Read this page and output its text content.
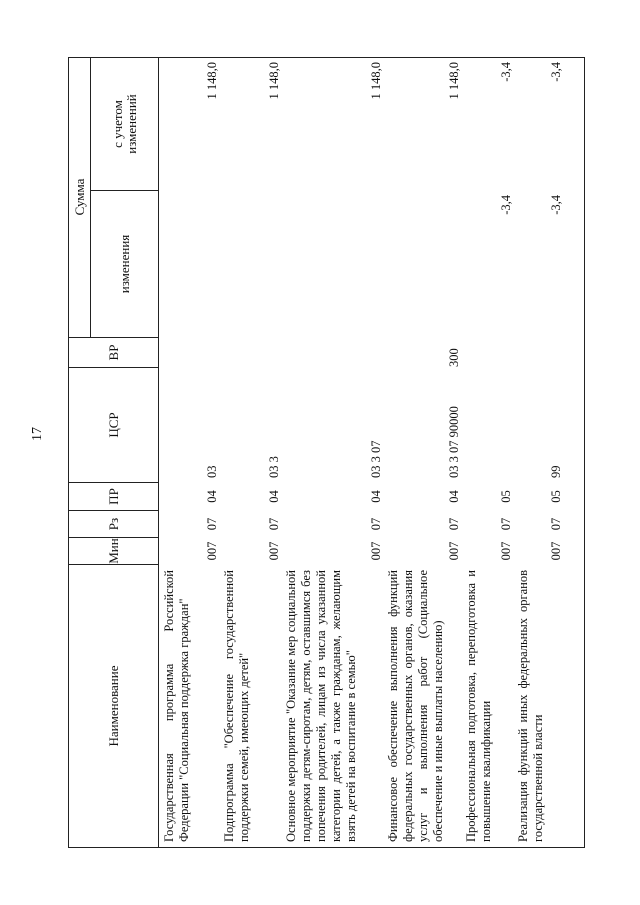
17
Наименование
Мин
Рз
ПР
ЦСР
ВР
Сумма
изменения
с учетом изменений
Государственная программа Российской Федерации "Социальная поддержка граждан"
007
07
04
03
1 148,0
Подпрограмма "Обеспечение государственной поддержки семей, имеющих детей"
007
07
04
03 3
1 148,0
Основное мероприятие "Оказание мер социальной поддержки детям-сиротам, детям, оставшимся без попечения родителей, лицам из числа указанной категории детей, а также гражданам, желающим взять детей на воспитание в семью"
007
07
04
03 3 07
1 148,0
Финансовое обеспечение выполнения функций федеральных государственных органов, оказания услуг и выполнения работ (Социальное обеспечение и иные выплаты населению)
007
07
04
03 3 07 90000
300
1 148,0
Профессиональная подготовка, переподготовка и повышение квалификации
007
07
05
-3,4
-3,4
Реализация функций иных федеральных органов государственной власти
007
07
05
99
-3,4
-3,4
